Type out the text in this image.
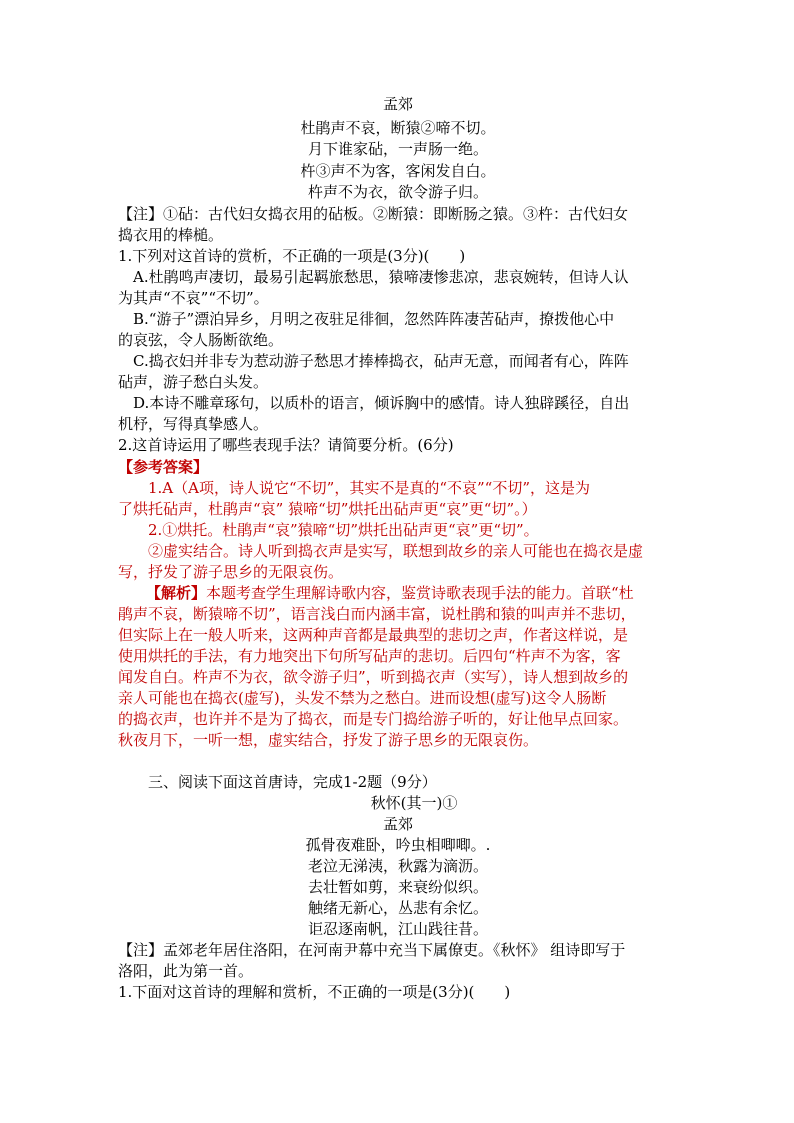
孟郊
杜鹃声不哀，断猿②啼不切。
月下谁家砧，一声肠一绝。
杵③声不为客，客闲发自白。
杵声不为衣，欲令游子归。
【注】①砧：古代妇女捣衣用的砧板。②断猿：即断肠之猿。③杵：古代妇女
捣衣用的棒槌。
1.下列对这首诗的赏析，不正确的一项是(3分)(　　)
　A.杜鹃鸣声凄切，最易引起羁旅愁思，猿啼凄惨悲凉，悲哀婉转，但诗人认
为其声“不哀”“不切”。
　B.“游子”漂泊异乡，月明之夜驻足徘徊，忽然阵阵凄苦砧声，撩拨他心中
的哀弦，令人肠断欲绝。
　C.捣衣妇并非专为惹动游子愁思才捧棒捣衣，砧声无意，而闻者有心，阵阵
砧声，游子愁白头发。
　D.本诗不雕章琢句，以质朴的语言，倾诉胸中的感情。诗人独辟蹊径，自出
机杼，写得真挚感人。
2.这首诗运用了哪些表现手法？请简要分析。(6分)
【参考答案】
　　1.A（A项，诗人说它“不切”，其实不是真的“不哀”“不切”，这是为
了烘托砧声，杜鹃声“哀” 猿啼“切”烘托出砧声更“哀”更“切”。）
　　2.①烘托。杜鹃声“哀”猿啼“切”烘托出砧声更“哀”更“切”。
　　②虚实结合。诗人听到捣衣声是实写，联想到故乡的亲人可能也在捣衣是虚
写，抒发了游子思乡的无限哀伤。
【解析】本题考查学生理解诗歌内容，鉴赏诗歌表现手法的能力。首联“杜
鹃声不哀，断猿啼不切”，语言浅白而内涵丰富，说杜鹃和猿的叫声并不悲切，
但实际上在一般人听来，这两种声音都是最典型的悲切之声，作者这样说，是
使用烘托的手法，有力地突出下句所写砧声的悲切。后四句“杵声不为客，客
闻发自白。杵声不为衣，欲令游子归”，听到捣衣声（实写），诗人想到故乡的
亲人可能也在捣衣(虚写)，头发不禁为之愁白。进而设想(虚写)这令人肠断
的捣衣声，也许并不是为了捣衣，而是专门捣给游子听的，好让他早点回家。
秋夜月下，一听一想，虚实结合，抒发了游子思乡的无限哀伤。
　　三、阅读下面这首唐诗，完成1-2题（9分）
秋怀(其一)①
孟郊
孤骨夜难卧，吟虫相唧唧。.
老泣无涕洟，秋露为滴沥。
去壮暂如剪，来衰纷似织。
触绪无新心，丛悲有余忆。
讵忍逐南帆，江山践往昔。
【注】孟郊老年居住洛阳，在河南尹幕中充当下属僚吏。《秋怀》 组诗即写于
洛阳，此为第一首。
1.下面对这首诗的理解和赏析，不正确的一项是(3分)(　　)
